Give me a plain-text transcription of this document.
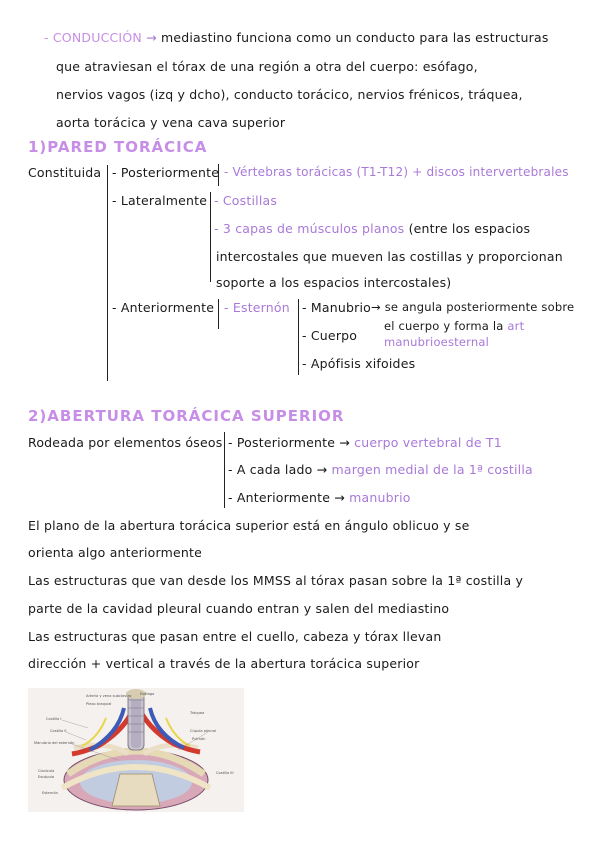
- CONDUCCIÓN → mediastino funciona como un conducto para las estructuras
que atraviesan el tórax de una región a otra del cuerpo: esófago,
nervios vagos (izq y dcho), conducto torácico, nervios frénicos, tráquea,
aorta torácica y vena cava superior
1)PARED TORÁCICA
Constituida - Posteriormente - Vértebras torácicas (T1-T12) + discos intervertebrales
- Lateralmente - Costillas
- 3 capas de músculos planos (entre los espacios
intercostales que mueven las costillas y proporcionan
soporte a los espacios intercostales)
- Anteriormente - Esternón - Manubrio → se angula posteriormente sobre
el cuerpo y forma la art
manubrioesternal
- Cuerpo
- Apófisis xifoides
2)ABERTURA TORÁCICA SUPERIOR
Rodeada por elementos óseos - Posteriormente → cuerpo vertebral de T1
- A cada lado → margen medial de la 1ª costilla
- Anteriormente → manubrio
El plano de la abertura torácica superior está en ángulo oblicuo y se
orienta algo anteriormente
Las estructuras que van desde los MMSS al tórax pasan sobre la 1ª costilla y
parte de la cavidad pleural cuando entran y salen del mediastino
Las estructuras que pasan entre el cuello, cabeza y tórax llevan
dirección + vertical a través de la abertura torácica superior
Esófago
Arteria y vena subclavias
Plexo braquial
Tráquea
Costilla I
Costilla II
Manubrio del esternón
Cúpula pleural
Pulmón
Clavícula
Escápula
Costilla III
Esternón
